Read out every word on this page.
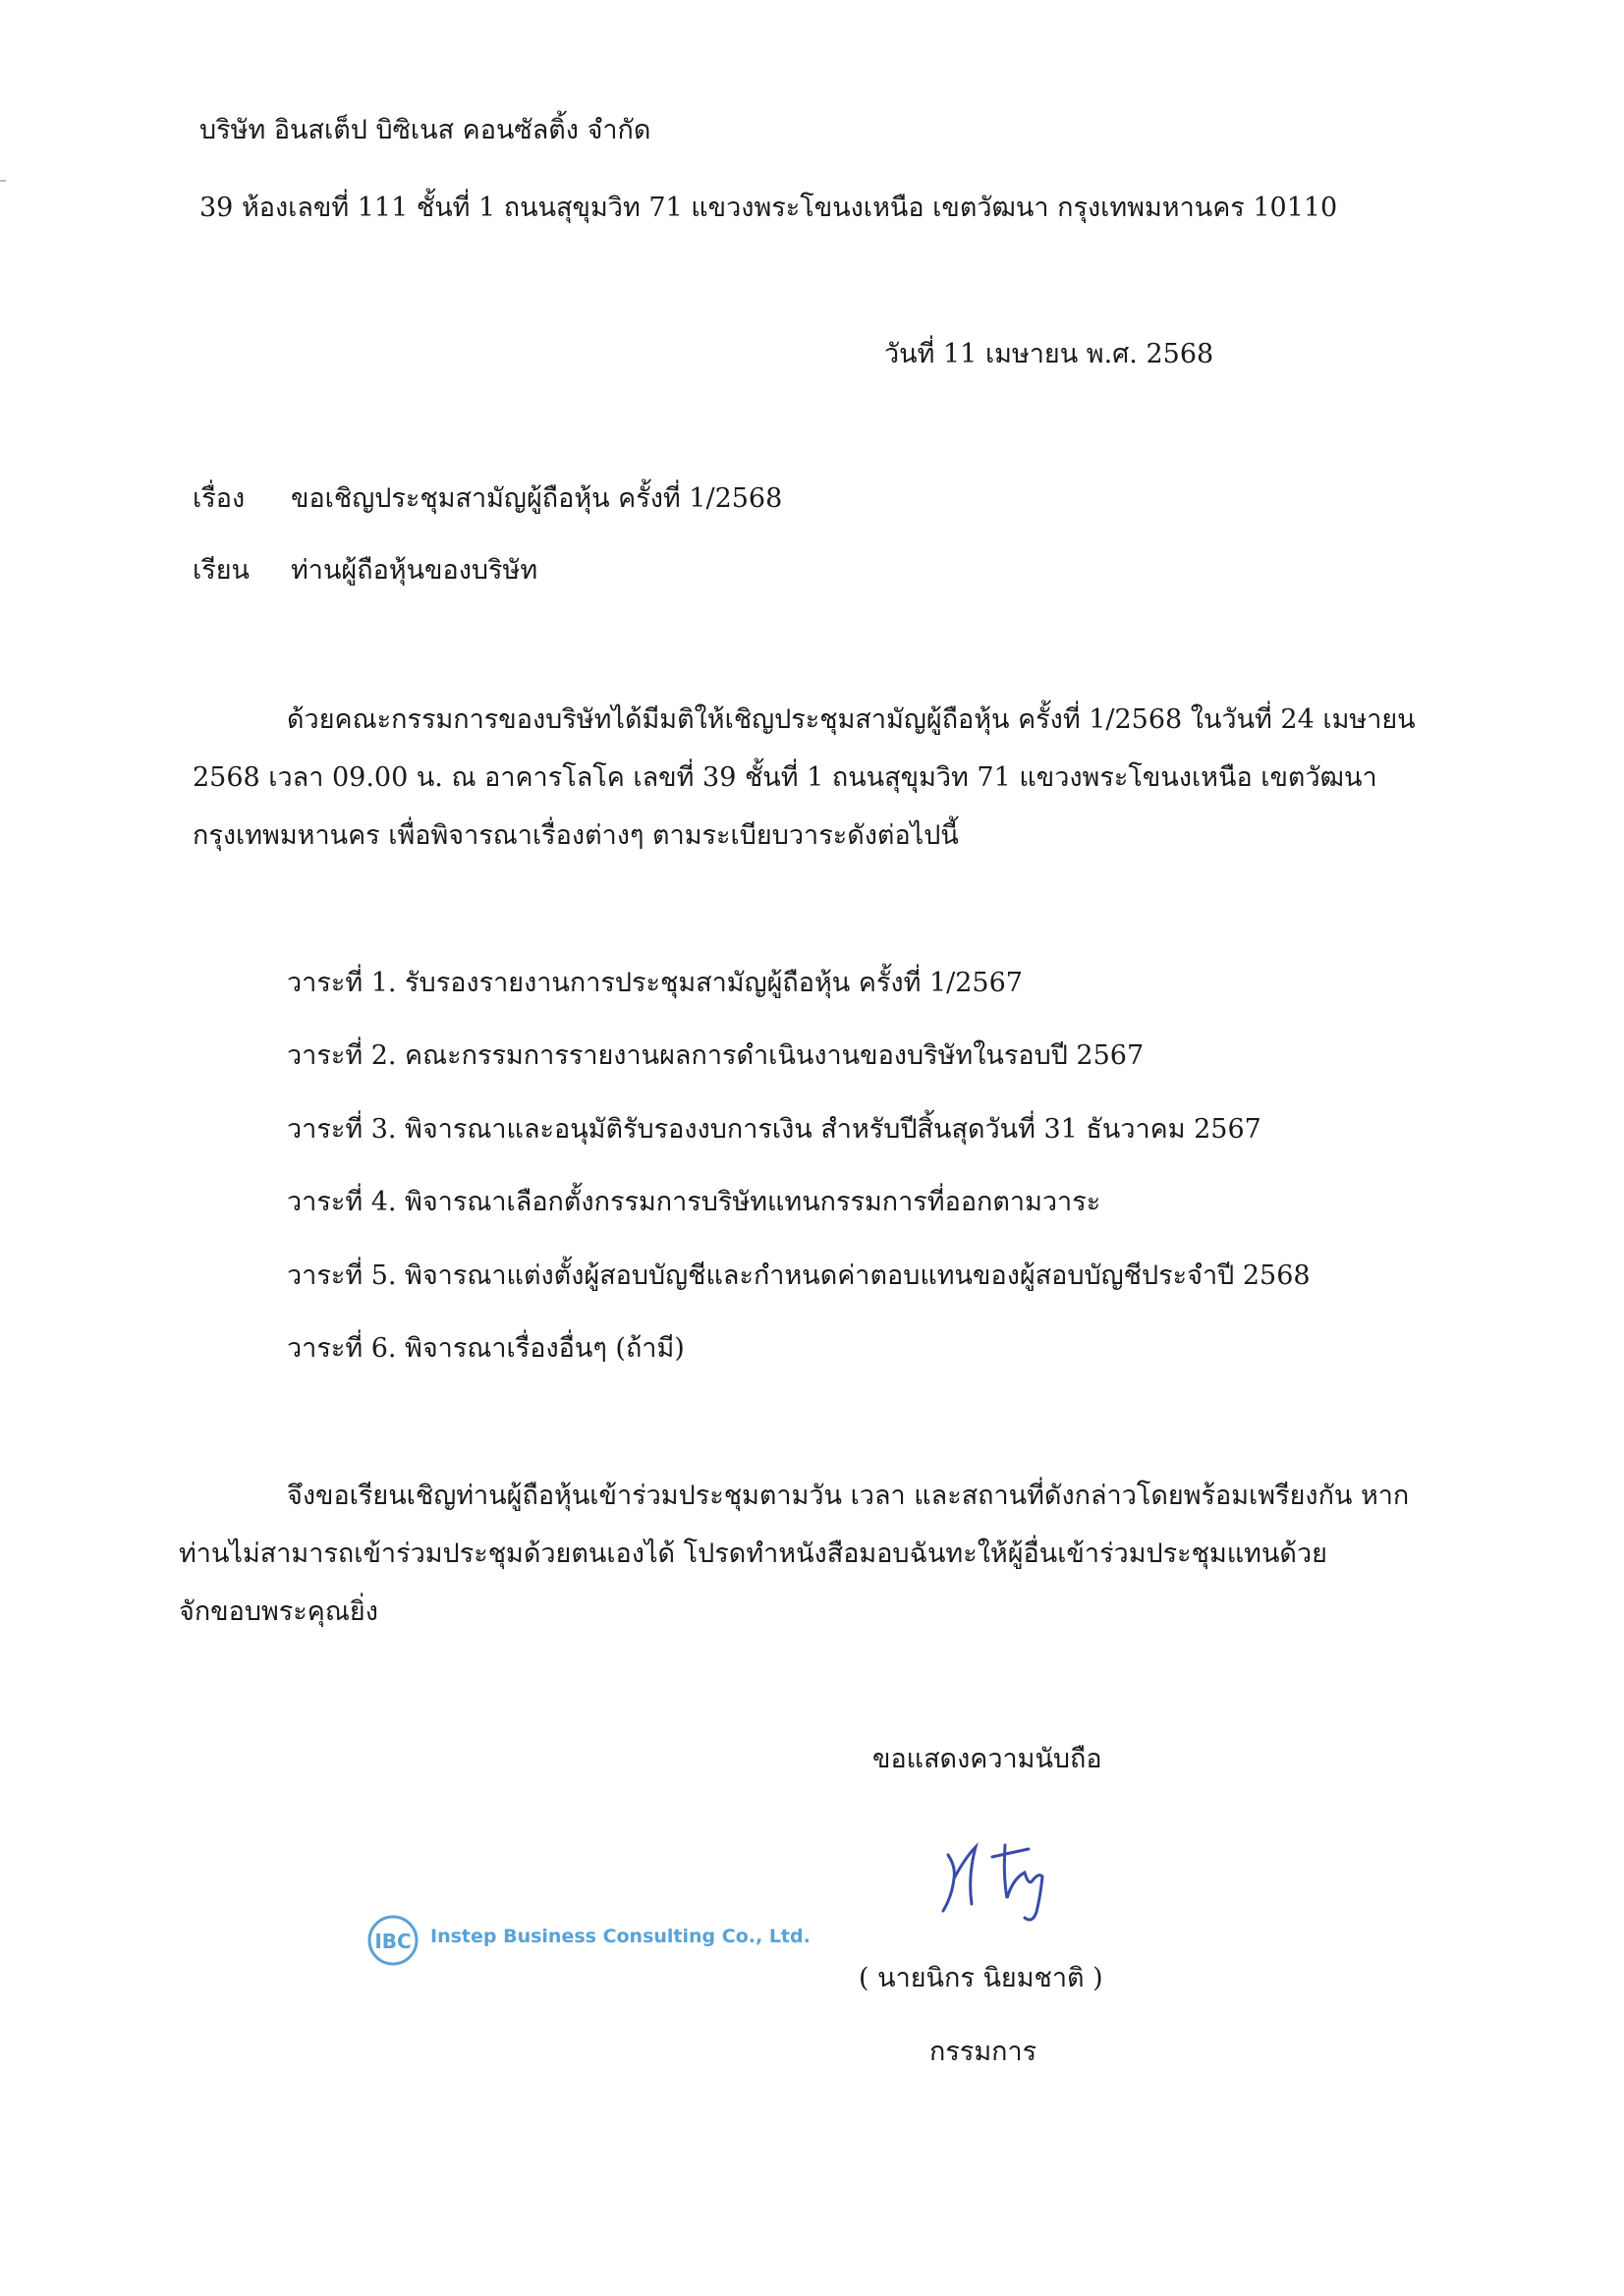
บริษัท อินสเต็ป บิซิเนส คอนซัลติ้ง จำกัด
39 ห้องเลขที่ 111 ชั้นที่ 1 ถนนสุขุมวิท 71 แขวงพระโขนงเหนือ เขตวัฒนา กรุงเทพมหานคร 10110
วันที่ 11 เมษายน พ.ศ. 2568
เรื่อง ขอเชิญประชุมสามัญผู้ถือหุ้น ครั้งที่ 1/2568
เรียน ท่านผู้ถือหุ้นของบริษัท
ด้วยคณะกรรมการของบริษัทได้มีมติให้เชิญประชุมสามัญผู้ถือหุ้น ครั้งที่ 1/2568 ในวันที่ 24 เมษายน
2568 เวลา 09.00 น. ณ อาคารโลโค เลขที่ 39 ชั้นที่ 1 ถนนสุขุมวิท 71 แขวงพระโขนงเหนือ เขตวัฒนา
กรุงเทพมหานคร เพื่อพิจารณาเรื่องต่างๆ ตามระเบียบวาระดังต่อไปนี้
วาระที่ 1. รับรองรายงานการประชุมสามัญผู้ถือหุ้น ครั้งที่ 1/2567
วาระที่ 2. คณะกรรมการรายงานผลการดำเนินงานของบริษัทในรอบปี 2567
วาระที่ 3. พิจารณาและอนุมัติรับรองงบการเงิน สำหรับปีสิ้นสุดวันที่ 31 ธันวาคม 2567
วาระที่ 4. พิจารณาเลือกตั้งกรรมการบริษัทแทนกรรมการที่ออกตามวาระ
วาระที่ 5. พิจารณาแต่งตั้งผู้สอบบัญชีและกำหนดค่าตอบแทนของผู้สอบบัญชีประจำปี 2568
วาระที่ 6. พิจารณาเรื่องอื่นๆ (ถ้ามี)
จึงขอเรียนเชิญท่านผู้ถือหุ้นเข้าร่วมประชุมตามวัน เวลา และสถานที่ดังกล่าวโดยพร้อมเพรียงกัน หาก
ท่านไม่สามารถเข้าร่วมประชุมด้วยตนเองได้ โปรดทำหนังสือมอบฉันทะให้ผู้อื่นเข้าร่วมประชุมแทนด้วย
จักขอบพระคุณยิ่ง
ขอแสดงความนับถือ
IBC Instep Business Consulting Co., Ltd.
( นายนิกร นิยมชาติ )
กรรมการ
